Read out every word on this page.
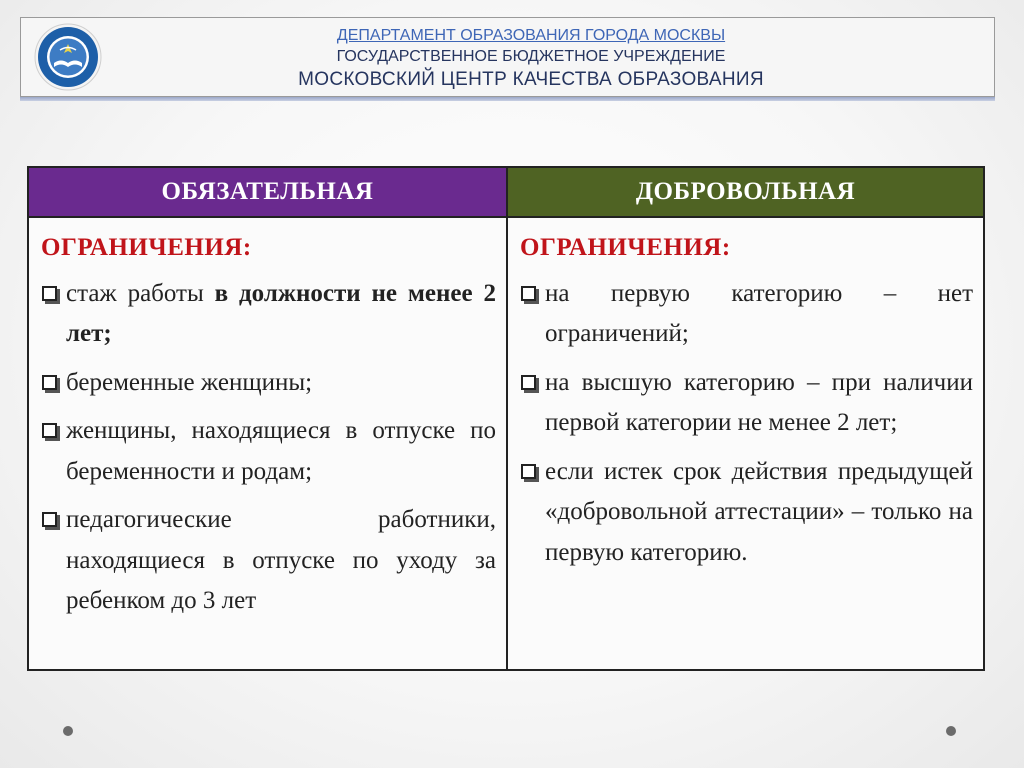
ДЕПАРТАМЕНТ ОБРАЗОВАНИЯ ГОРОДА МОСКВЫ
ГОСУДАРСТВЕННОЕ БЮДЖЕТНОЕ УЧРЕЖДЕНИЕ
МОСКОВСКИЙ ЦЕНТР КАЧЕСТВА ОБРАЗОВАНИЯ
ОБЯЗАТЕЛЬНАЯ	ДОБРОВОЛЬНАЯ
ОГРАНИЧЕНИЯ:
стаж работы в должности не менее 2 лет;
беременные женщины;
женщины, находящиеся в отпуске по беременности и родам;
педагогические работники, находящиеся в отпуске по уходу за ребенком до 3 лет
ОГРАНИЧЕНИЯ:
на первую категорию – нет ограничений;
на высшую категорию – при наличии первой категории не менее 2 лет;
если истек срок действия предыдущей «добровольной аттестации» – только на первую категорию.
